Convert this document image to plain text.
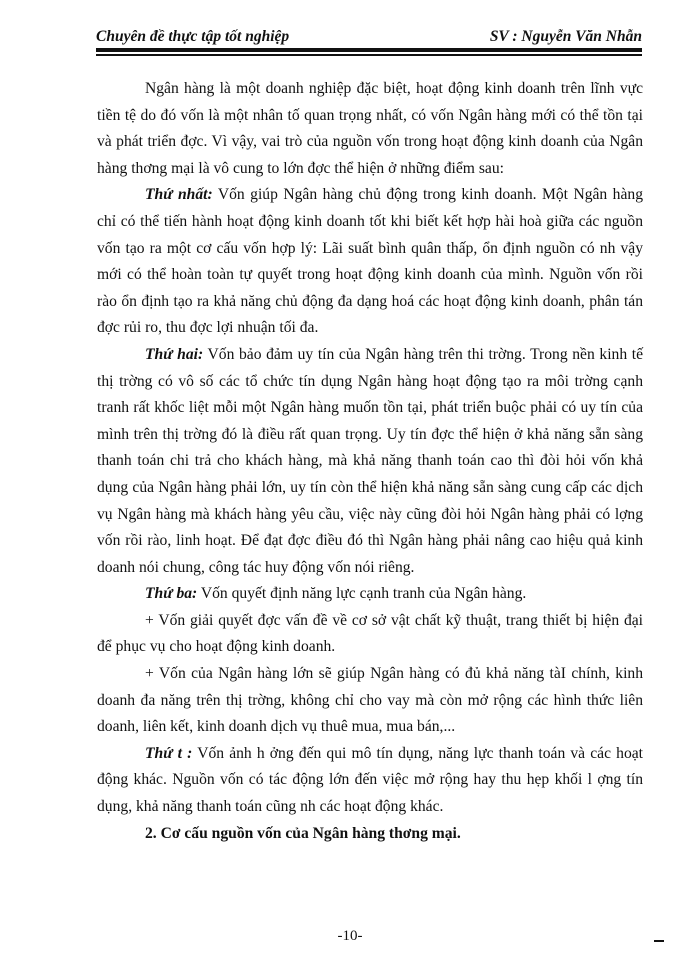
Chuyên đề thực tập tốt nghiệp	SV : Nguyễn Văn Nhẫn

Ngân hàng là một doanh nghiệp đặc biệt, hoạt động kinh doanh trên lĩnh vực tiền tệ do đó vốn là một nhân tố quan trọng nhất, có vốn Ngân hàng mới có thể tồn tại và phát triển đợc. Vì vậy, vai trò của nguồn vốn trong hoạt động kinh doanh của Ngân hàng thơng mại là vô cung to lớn đợc thể hiện ở những điểm sau:

Thứ nhất: Vốn giúp Ngân hàng chủ động trong kinh doanh. Một Ngân hàng chỉ có thể tiến hành hoạt động kinh doanh tốt khi biết kết hợp hài hoà giữa các nguồn vốn tạo ra một cơ cấu vốn hợp lý: Lãi suất bình quân thấp, ổn định nguồn có nh vậy mới có thể hoàn toàn tự quyết trong hoạt động kinh doanh của mình. Nguồn vốn rồi rào ổn định tạo ra khả năng chủ động đa dạng hoá các hoạt động kinh doanh, phân tán đợc rủi ro, thu đợc lợi nhuận tối đa.

Thứ hai: Vốn bảo đảm uy tín của Ngân hàng trên thi trờng. Trong nền kinh tế thị trờng có vô số các tổ chức tín dụng Ngân hàng hoạt động tạo ra môi trờng cạnh tranh rất khốc liệt mỗi một Ngân hàng muốn tồn tại, phát triển buộc phải có uy tín của mình trên thị trờng đó là điều rất quan trọng. Uy tín đợc thể hiện ở khả năng sẵn sàng thanh toán chi trả cho khách hàng, mà khả năng thanh toán cao thì đòi hỏi vốn khả dụng của Ngân hàng phải lớn, uy tín còn thể hiện khả năng sẵn sàng cung cấp các dịch vụ Ngân hàng mà khách hàng yêu cầu, việc này cũng đòi hỏi Ngân hàng phải có lợng vốn rồi rào, linh hoạt. Để đạt đợc điều đó thì Ngân hàng phải nâng cao hiệu quả kinh doanh nói chung, công tác huy động vốn nói riêng.

Thứ ba: Vốn quyết định năng lực cạnh tranh của Ngân hàng.

+ Vốn giải quyết đợc vấn đề về cơ sở vật chất kỹ thuật, trang thiết bị hiện đại để phục vụ cho hoạt động kinh doanh.

+ Vốn của Ngân hàng lớn sẽ giúp Ngân hàng có đủ khả năng tàI chính, kinh doanh đa năng trên thị trờng, không chỉ cho vay mà còn mở rộng các hình thức liên doanh, liên kết, kinh doanh dịch vụ thuê mua, mua bán,...

Thứ t : Vốn ảnh h ởng đến qui mô tín dụng, năng lực thanh toán và các hoạt động khác. Nguồn vốn có tác động lớn đến việc mở rộng hay thu hẹp khối l ợng tín dụng, khả năng thanh toán cũng nh các hoạt động khác.

2. Cơ cấu nguồn vốn của Ngân hàng thơng mại.

-10-
